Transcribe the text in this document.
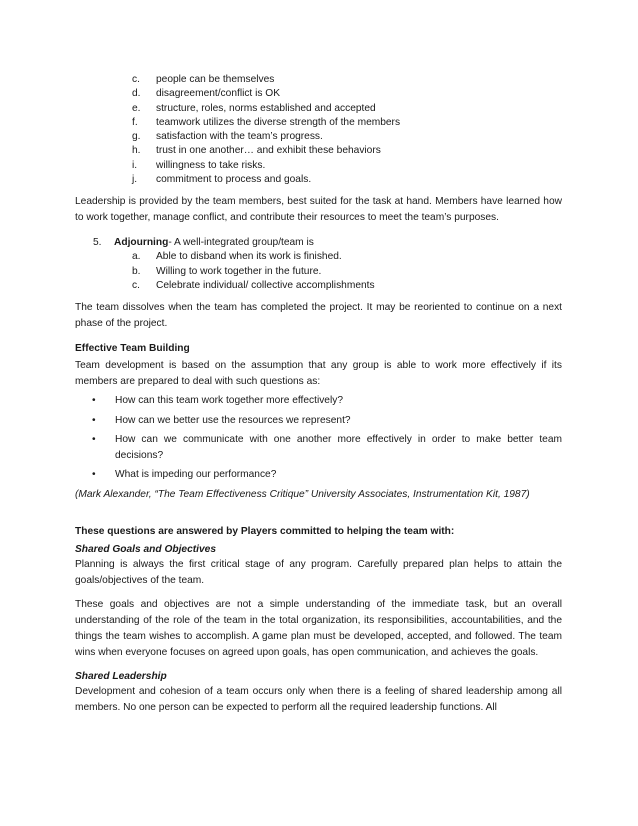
c.	people can be themselves
d.	disagreement/conflict is OK
e.	structure, roles, norms established and accepted
f.	teamwork utilizes the diverse strength of the members
g.	satisfaction with the team’s progress.
h.	trust in one another… and exhibit these behaviors
i.	willingness to take risks.
j.	commitment to process and goals.

Leadership is provided by the team members, best suited for the task at hand. Members have learned how to work together, manage conflict, and contribute their resources to meet the team’s purposes.

5.	Adjourning- A well-integrated group/team is
a.	Able to disband when its work is finished.
b.	Willing to work together in the future.
c.	Celebrate individual/ collective accomplishments

The team dissolves when the team has completed the project. It may be reoriented to continue on a next phase of the project.

Effective Team Building

Team development is based on the assumption that any group is able to work more effectively if its members are prepared to deal with such questions as:

•	How can this team work together more effectively?
•	How can we better use the resources we represent?
•	How can we communicate with one another more effectively in order to make better team decisions?
•	What is impeding our performance?

(Mark Alexander, “The Team Effectiveness Critique” University Associates, Instrumentation Kit, 1987)

These questions are answered by Players committed to helping the team with:

Shared Goals and Objectives

Planning is always the first critical stage of any program. Carefully prepared plan helps to attain the goals/objectives of the team.

These goals and objectives are not a simple understanding of the immediate task, but an overall understanding of the role of the team in the total organization, its responsibilities, accountabilities, and the things the team wishes to accomplish. A game plan must be developed, accepted, and followed. The team wins when everyone focuses on agreed upon goals, has open communication, and achieves the goals.

Shared Leadership

Development and cohesion of a team occurs only when there is a feeling of shared leadership among all members. No one person can be expected to perform all the required leadership functions. All
